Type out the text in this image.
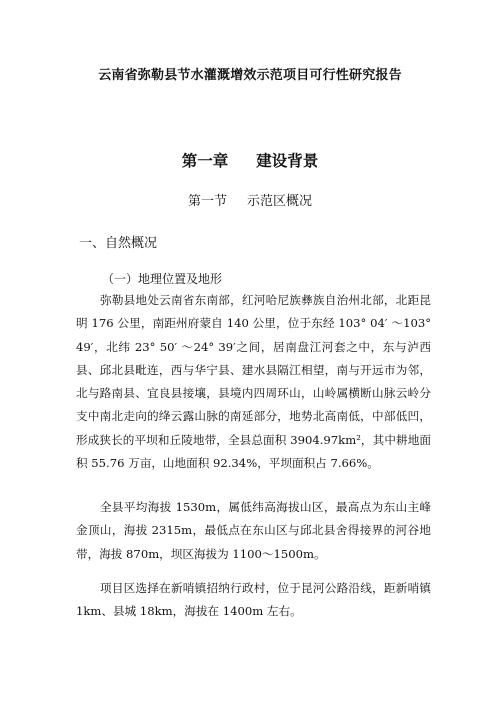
云南省弥勒县节水灌溉增效示范项目可行性研究报告
第一章 建设背景
第一节 示范区概况
一、自然概况
（一）地理位置及地形

弥勒县地处云南省东南部，红河哈尼族彝族自治州北部，北距昆明 176 公里，南距州府蒙自 140 公里，位于东经 103° 04′ ～103° 49′，北纬 23° 50′ ～24° 39′之间，居南盘江河套之中，东与泸西县、邱北县毗连，西与华宁县、建水县隔江相望，南与开远市为邻，北与路南县、宜良县接壤，县境内四周环山，山岭属横断山脉云岭分支中南北走向的绛云露山脉的南延部分，地势北高南低，中部低凹，形成狭长的平坝和丘陵地带，全县总面积 3904.97km²，其中耕地面积 55.76 万亩，山地面积 92.34%，平坝面积占 7.66%。

全县平均海拔 1530m，属低纬高海拔山区，最高点为东山主峰金顶山，海拔 2315m，最低点在东山区与邱北县舍得接界的河谷地带，海拔 870m，坝区海拔为 1100～1500m。

项目区选择在新哨镇招纳行政村，位于昆河公路沿线，距新哨镇 1km、县城 18km，海拔在 1400m 左右。
